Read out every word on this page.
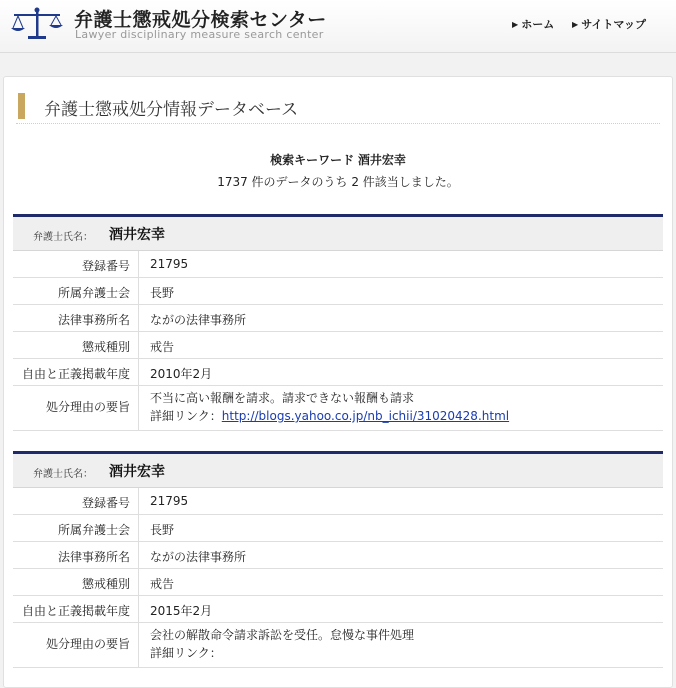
弁護士懲戒処分検索センター
Lawyer disciplinary measure search center
▶ ホーム ▶ サイトマップ
弁護士懲戒処分情報データベース
検索キーワード 酒井宏幸
1737 件のデータのうち 2 件該当しました。
弁護士氏名： 酒井宏幸
登録番号	21795
所属弁護士会	長野
法律事務所名	ながの法律事務所
懲戒種別	戒告
自由と正義掲載年度	2010年2月
処分理由の要旨
不当に高い報酬を請求。請求できない報酬も請求
詳細リンク：http://blogs.yahoo.co.jp/nb_ichii/31020428.html
弁護士氏名： 酒井宏幸
登録番号	21795
所属弁護士会	長野
法律事務所名	ながの法律事務所
懲戒種別	戒告
自由と正義掲載年度	2015年2月
処分理由の要旨
会社の解散命令請求訴訟を受任。怠慢な事件処理
詳細リンク：
